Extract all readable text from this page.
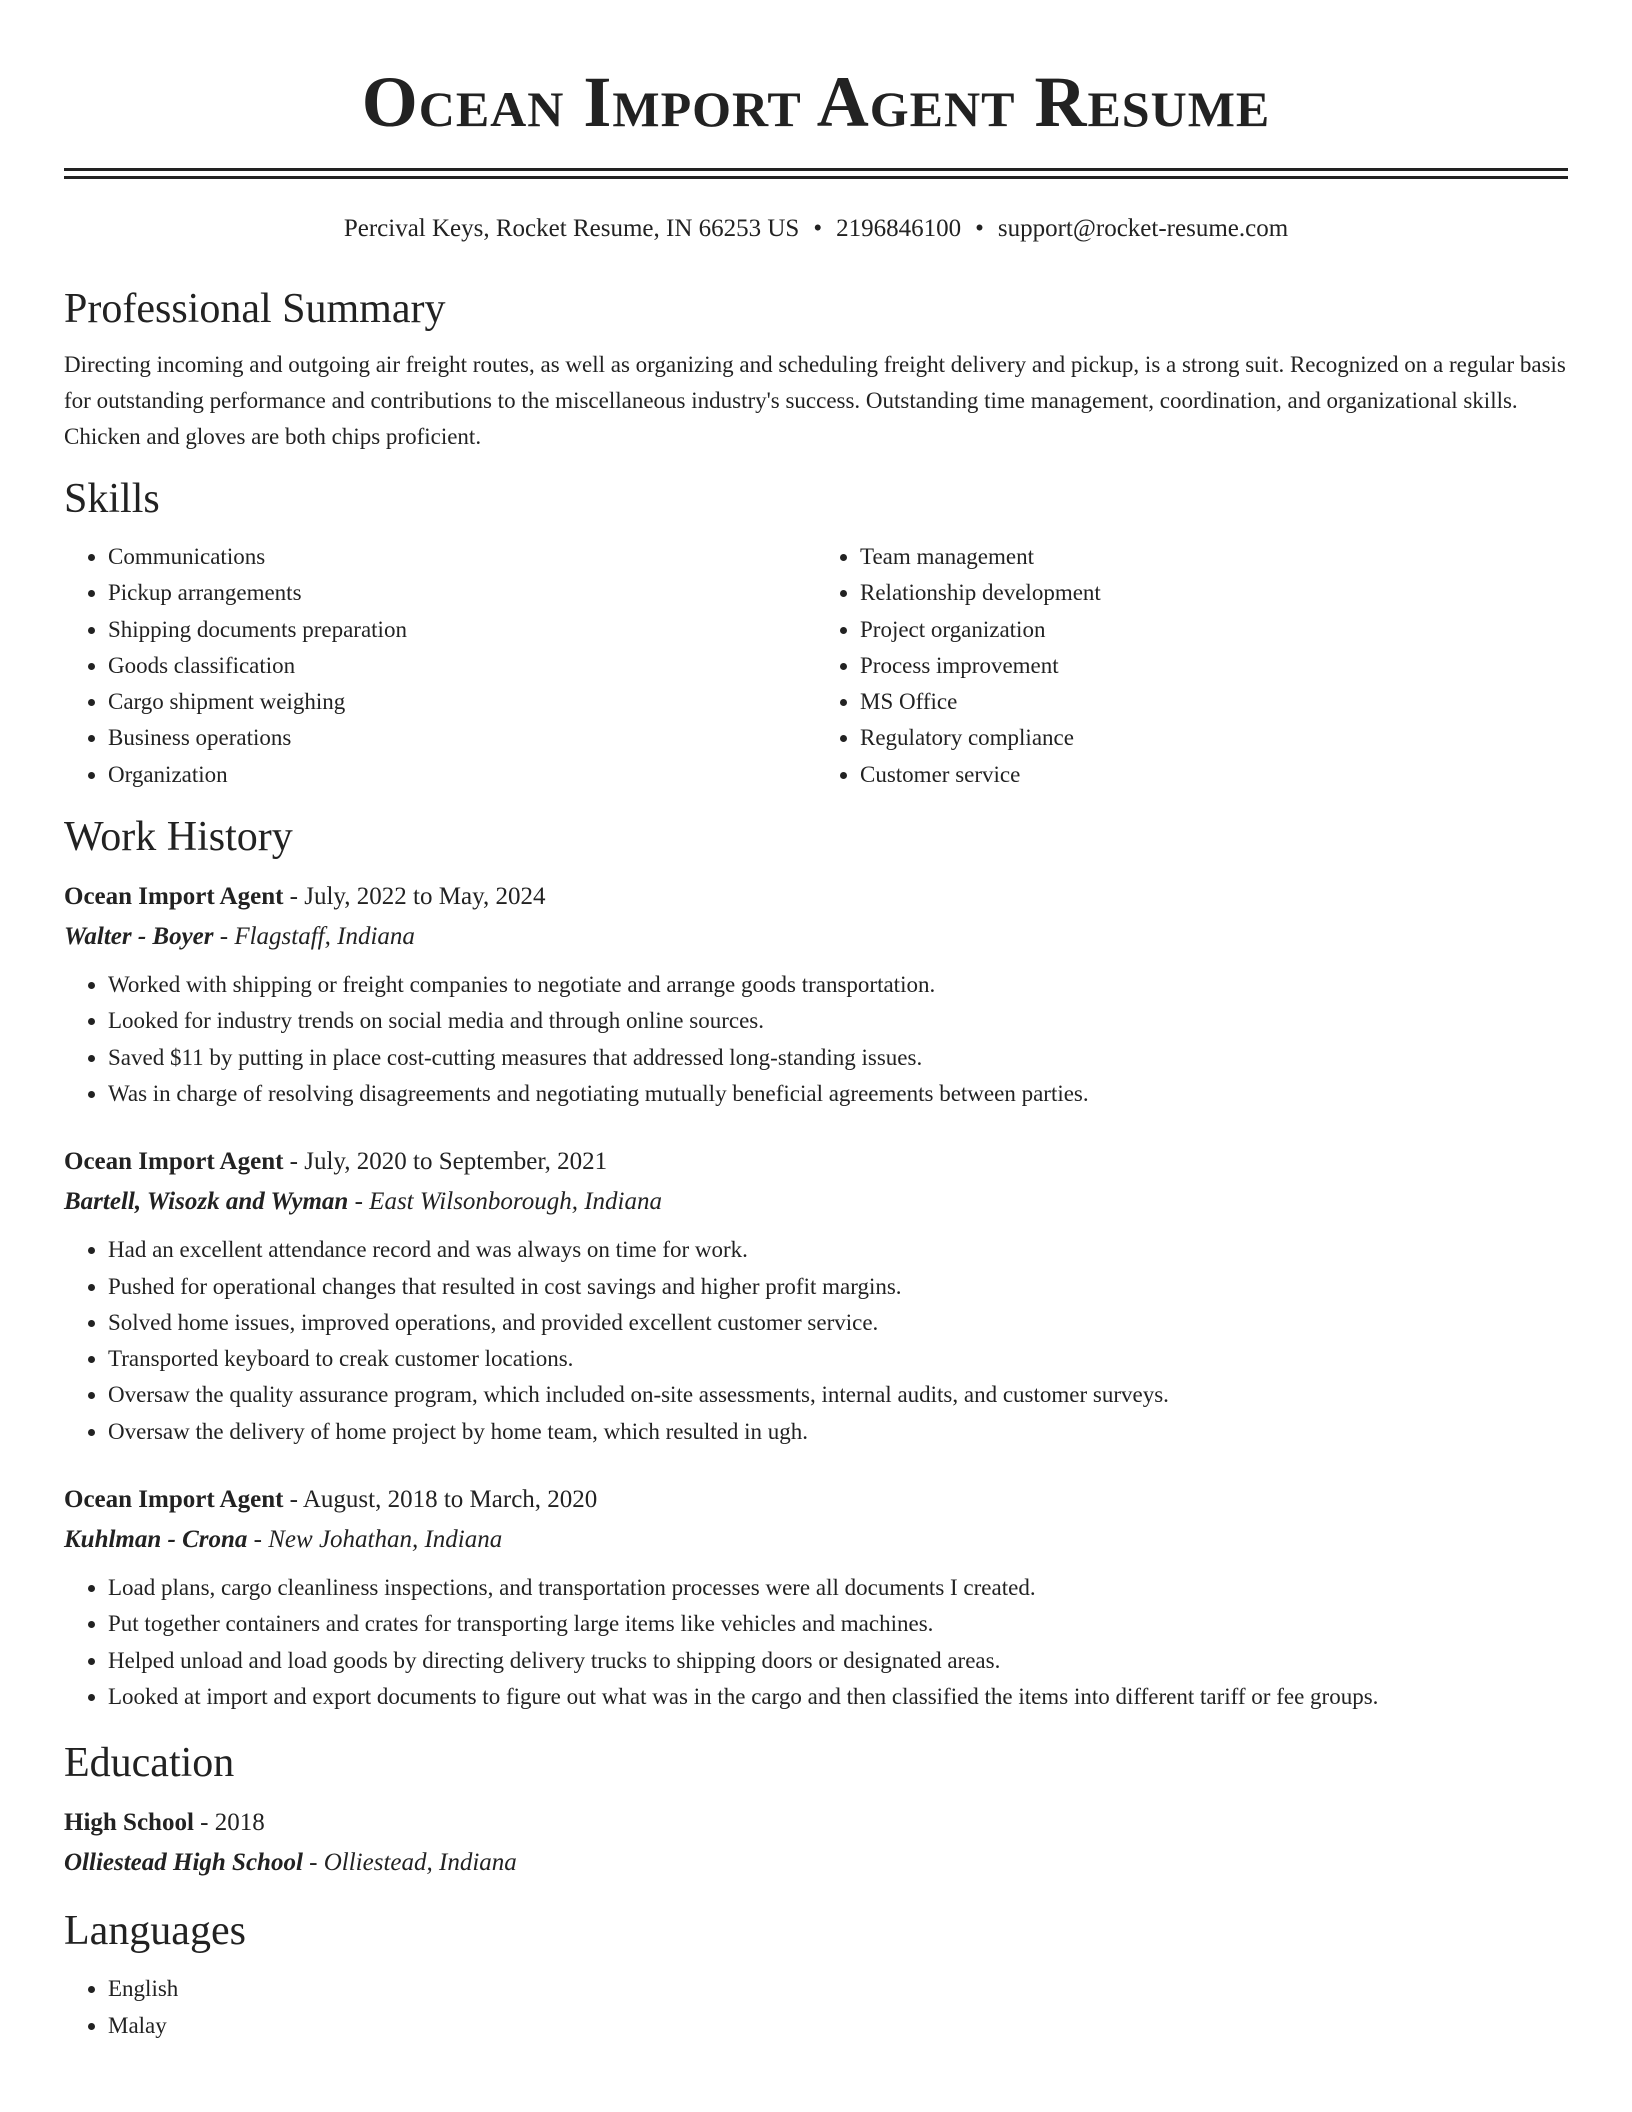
Ocean Import Agent Resume
Percival Keys, Rocket Resume, IN 66253 US • 2196846100 • support@rocket-resume.com
Professional Summary

Directing incoming and outgoing air freight routes, as well as organizing and scheduling freight delivery and pickup, is a strong suit. Recognized on a regular basis for outstanding performance and contributions to the miscellaneous industry's success. Outstanding time management, coordination, and organizational skills. Chicken and gloves are both chips proficient.

Skills
• Communications
• Pickup arrangements
• Shipping documents preparation
• Goods classification
• Cargo shipment weighing
• Business operations
• Organization
• Team management
• Relationship development
• Project organization
• Process improvement
• MS Office
• Regulatory compliance
• Customer service
Work History
Ocean Import Agent - July, 2022 to May, 2024
Walter - Boyer - Flagstaff, Indiana
• Worked with shipping or freight companies to negotiate and arrange goods transportation.
• Looked for industry trends on social media and through online sources.
• Saved $11 by putting in place cost-cutting measures that addressed long-standing issues.
• Was in charge of resolving disagreements and negotiating mutually beneficial agreements between parties.
Ocean Import Agent - July, 2020 to September, 2021
Bartell, Wisozk and Wyman - East Wilsonborough, Indiana
• Had an excellent attendance record and was always on time for work.
• Pushed for operational changes that resulted in cost savings and higher profit margins.
• Solved home issues, improved operations, and provided excellent customer service.
• Transported keyboard to creak customer locations.
• Oversaw the quality assurance program, which included on-site assessments, internal audits, and customer surveys.
• Oversaw the delivery of home project by home team, which resulted in ugh.
Ocean Import Agent - August, 2018 to March, 2020
Kuhlman - Crona - New Johathan, Indiana
• Load plans, cargo cleanliness inspections, and transportation processes were all documents I created.
• Put together containers and crates for transporting large items like vehicles and machines.
• Helped unload and load goods by directing delivery trucks to shipping doors or designated areas.
• Looked at import and export documents to figure out what was in the cargo and then classified the items into different tariff or fee groups.
Education
High School - 2018
Olliestead High School - Olliestead, Indiana
Languages
• English
• Malay
